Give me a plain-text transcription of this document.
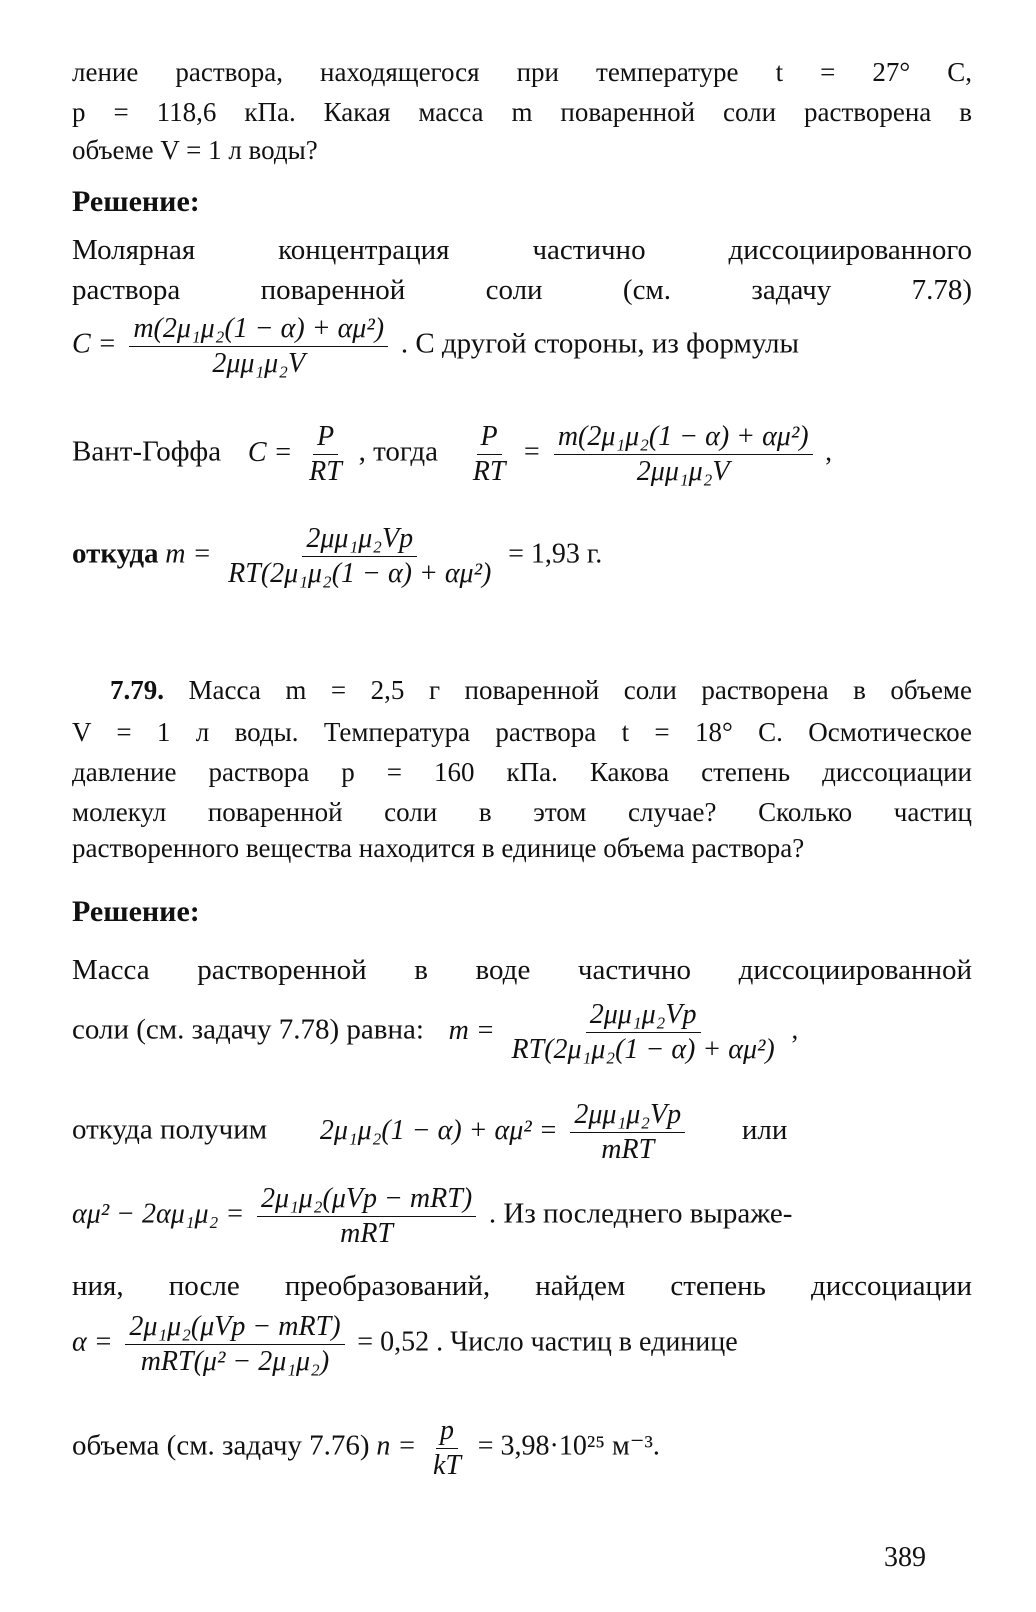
ление раствора, находящегося при температуре t = 27° C,
p = 118,6 кПа. Какая масса m поваренной соли растворена в
объеме V = 1 л воды?
Решение:
Молярная концентрация частично диссоциированного
раствора поваренной соли (см. задачу 7.78)
$C = \frac{\text{m(2μ₁μ₂(1 − α) + αμ²)}}{\text{2μμ₁μ₂V}}$ . С другой стороны, из формулы
Вант-Гоффа $C = \frac{P}{RT}$ , тогда $\frac{P}{RT} = \frac{\text{m(2μ₁μ₂(1 − α) + αμ²)}}{\text{2μμ₁μ₂V}}$ ,
откуда $m = \frac{\text{2μμ₁μ₂Vp}}{\text{RT(2μ₁μ₂(1 − α) + αμ²)}} = 1,93$ г.
7.79. Масса m = 2,5 г поваренной соли растворена в объеме
V = 1 л воды. Температура раствора t = 18° C. Осмотическое
давление раствора p = 160 кПа. Какова степень диссоциации
молекул поваренной соли в этом случае? Сколько частиц
растворенного вещества находится в единице объема раствора?
Решение:
Масса растворенной в воде частично диссоциированной
соли (см. задачу 7.78) равна: $m = \frac{\text{2μμ₁μ₂Vp}}{\text{RT(2μ₁μ₂(1 − α) + αμ²)}}$ ,
откуда получим $2\mu_1\mu_2(1 - \alpha) + \alpha\mu^2 = \frac{\text{2μμ₁μ₂Vp}}{\text{mRT}}$ или
$\alpha\mu^2 - 2\alpha\mu_1\mu_2 = \frac{\text{2μ₁μ₂(μVp − mRT)}}{\text{mRT}}$ . Из последнего выраже-
ния, после преобразований, найдем степень диссоциации
$\alpha = \frac{\text{2μ₁μ₂(μVp − mRT)}}{\text{mRT(μ² − 2μ₁μ₂)}} = 0,52$ . Число частиц в единице
объема (см. задачу 7.76) $n = \frac{p}{kT} = 3,98\cdot 10^{25}$ м⁻³.
389
